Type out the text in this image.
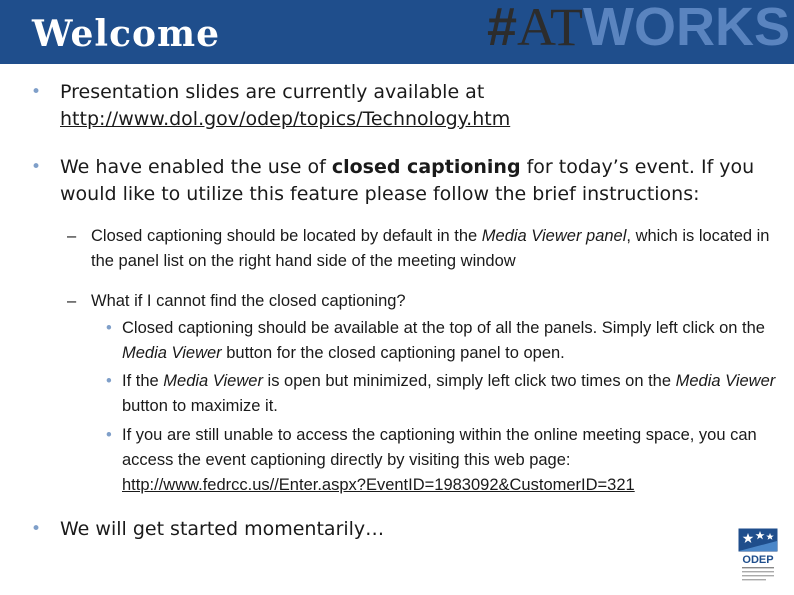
Welcome	#ATWORKS
• Presentation slides are currently available at
http://www.dol.gov/odep/topics/Technology.htm
• We have enabled the use of closed captioning for today’s event. If you would like to utilize this feature please follow the brief instructions:
– Closed captioning should be located by default in the Media Viewer panel, which is located in the panel list on the right hand side of the meeting window
– What if I cannot find the closed captioning?
• Closed captioning should be available at the top of all the panels. Simply left click on the Media Viewer button for the closed captioning panel to open.
• If the Media Viewer is open but minimized, simply left click two times on the Media Viewer button to maximize it.
• If you are still unable to access the captioning within the online meeting space, you can access the event captioning directly by visiting this web page:
http://www.fedrcc.us//Enter.aspx?EventID=1983092&CustomerID=321
• We will get started momentarily…
ODEP
